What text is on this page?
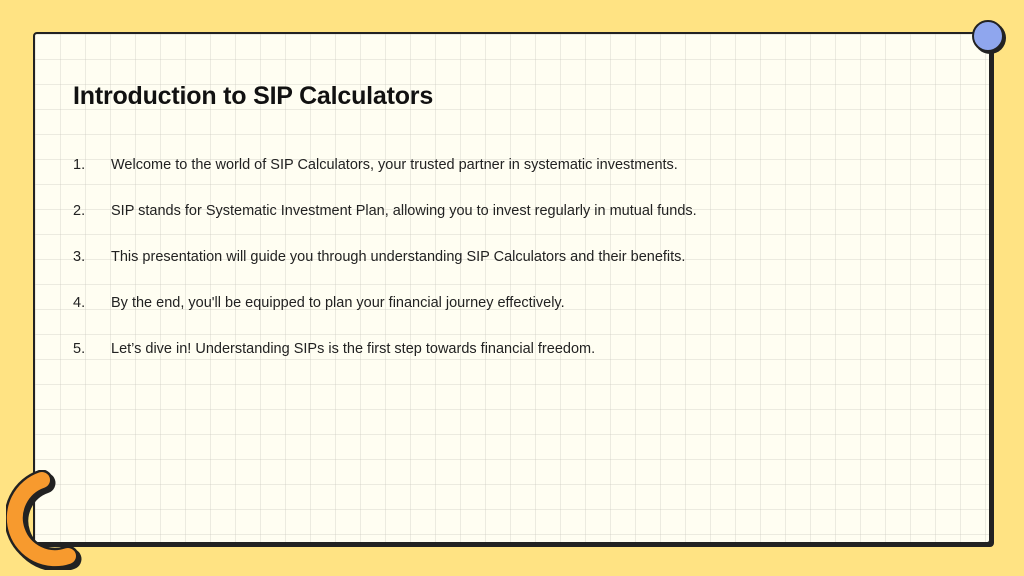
Introduction to SIP Calculators
1.	Welcome to the world of SIP Calculators, your trusted partner in systematic investments.
2.	SIP stands for Systematic Investment Plan, allowing you to invest regularly in mutual funds.
3.	This presentation will guide you through understanding SIP Calculators and their benefits.
4.	By the end, you'll be equipped to plan your financial journey effectively.
5.	Let’s dive in! Understanding SIPs is the first step towards financial freedom.
